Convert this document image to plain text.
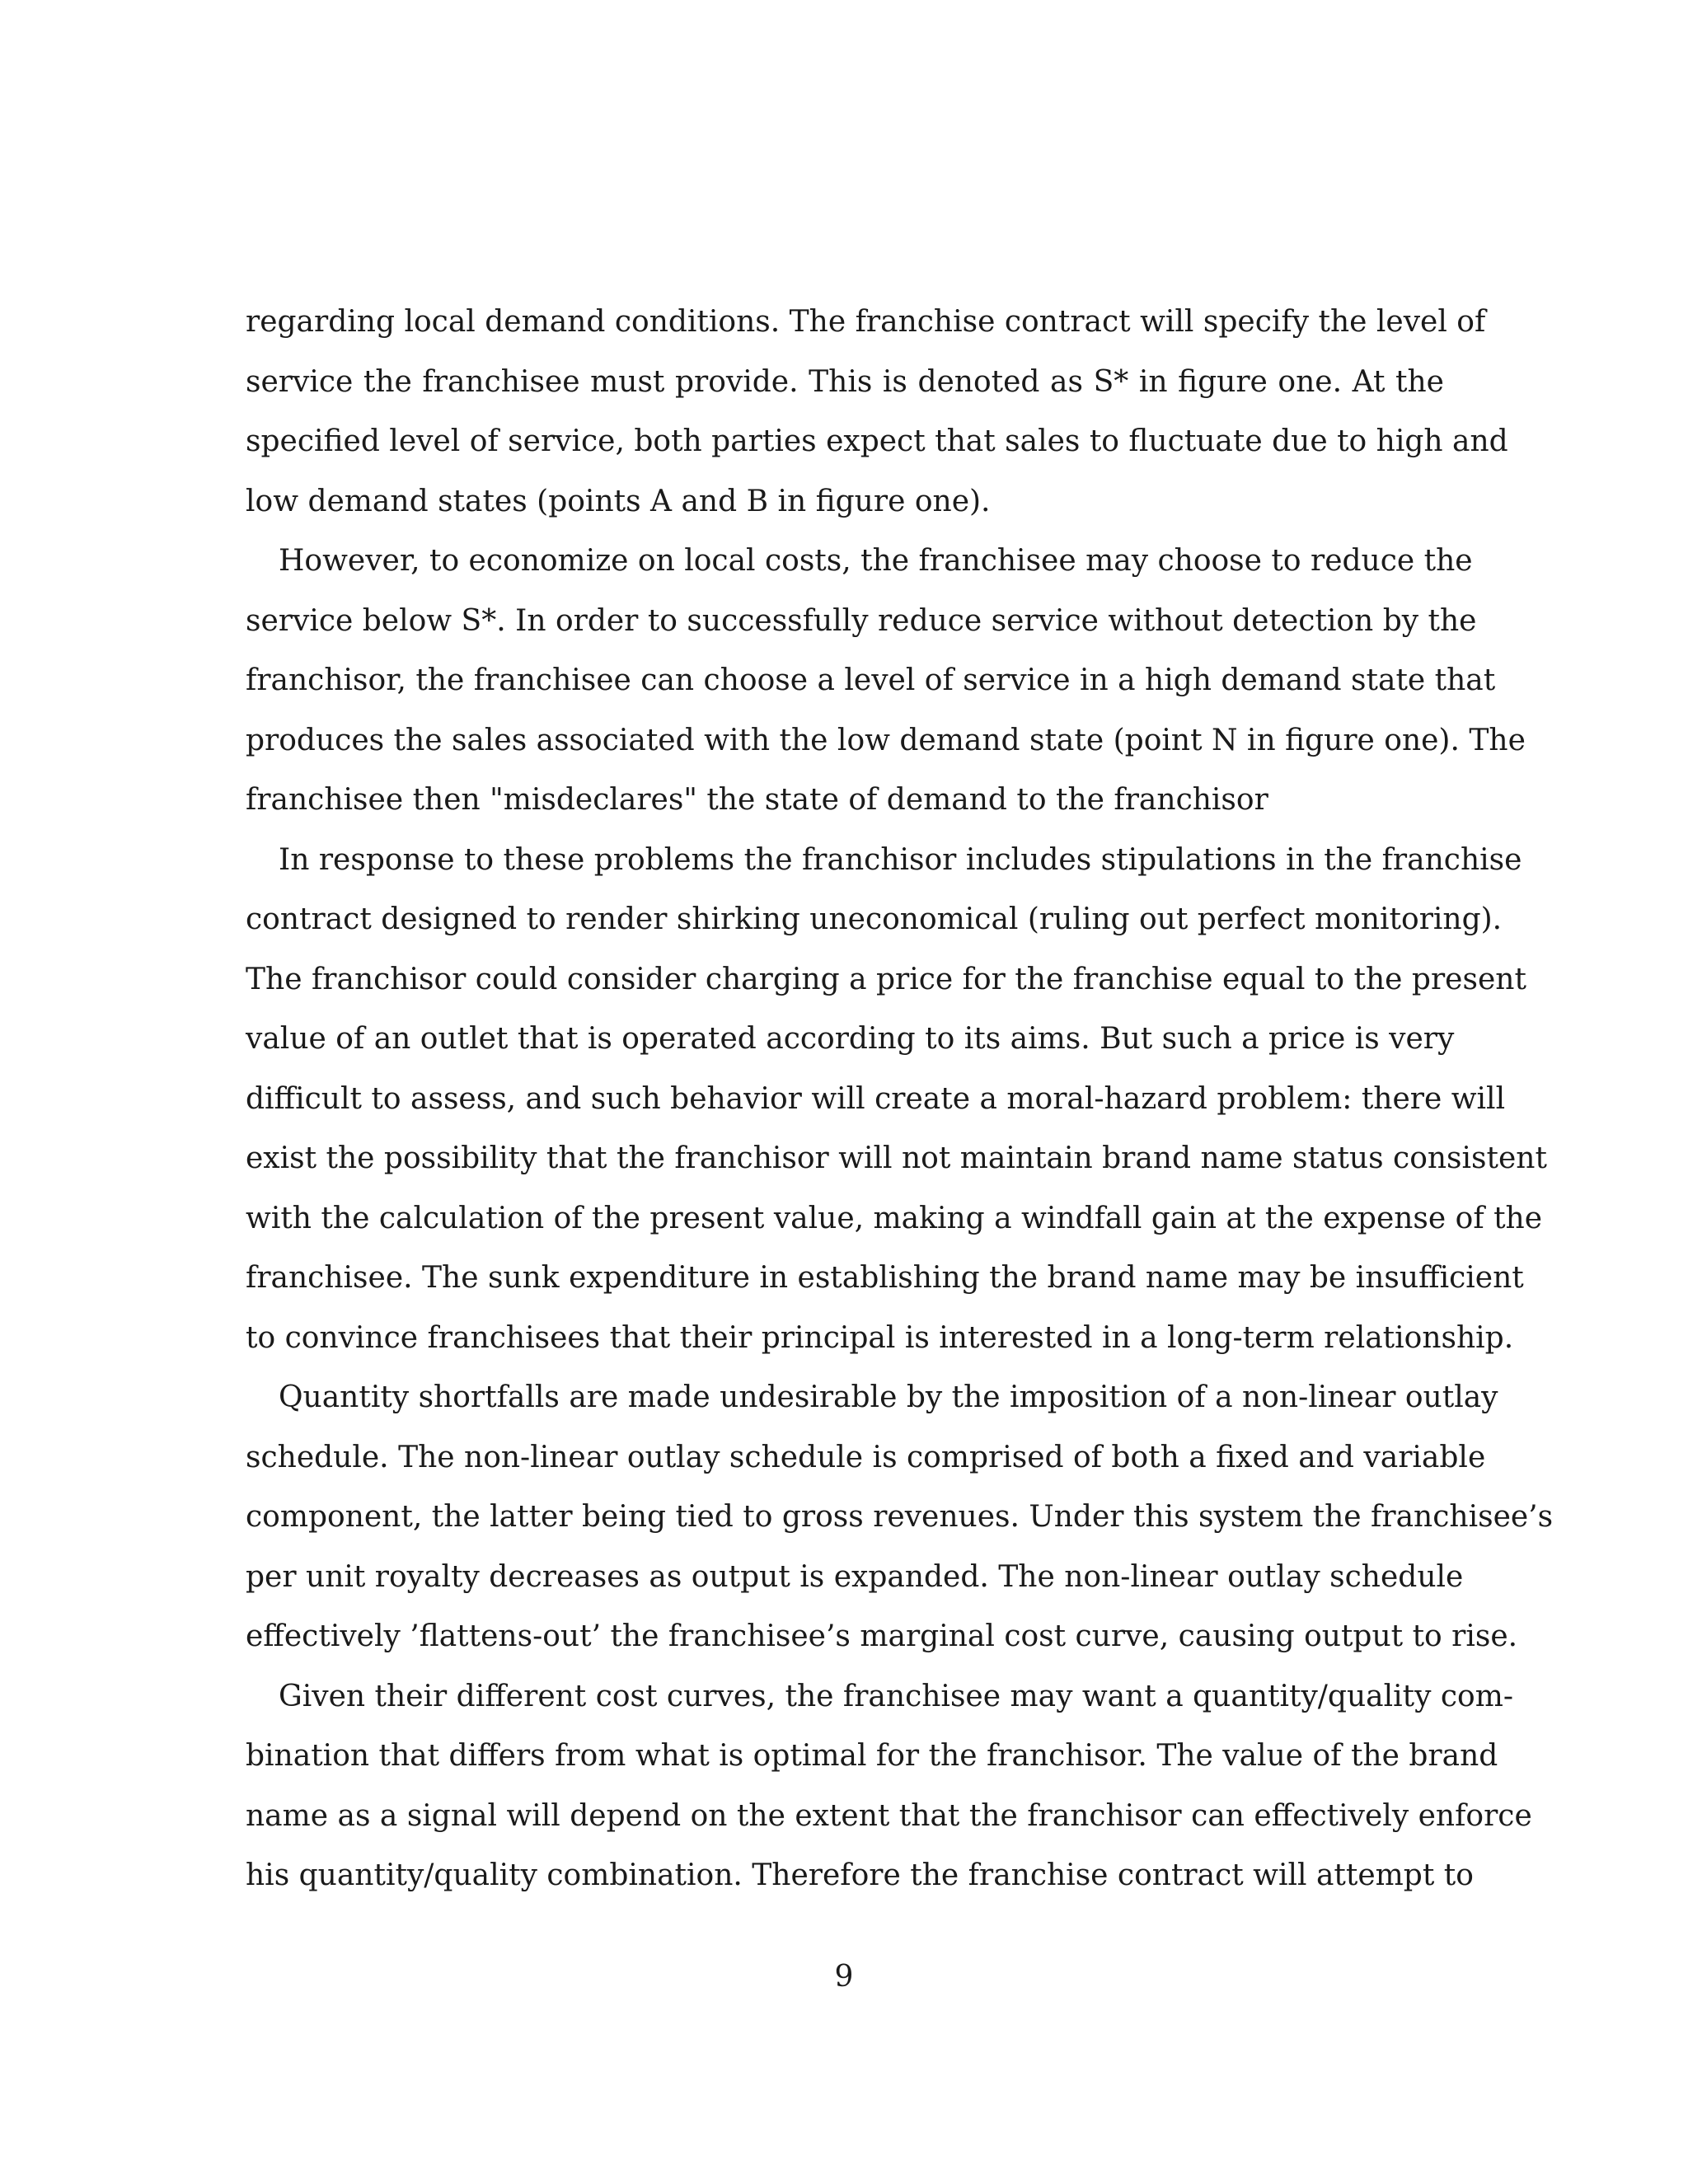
regarding local demand conditions. The franchise contract will specify the level of
service the franchisee must provide. This is denoted as S* in figure one. At the
specified level of service, both parties expect that sales to fluctuate due to high and
low demand states (points A and B in figure one).
However, to economize on local costs, the franchisee may choose to reduce the
service below S*. In order to successfully reduce service without detection by the
franchisor, the franchisee can choose a level of service in a high demand state that
produces the sales associated with the low demand state (point N in figure one). The
franchisee then "misdeclares" the state of demand to the franchisor
In response to these problems the franchisor includes stipulations in the franchise
contract designed to render shirking uneconomical (ruling out perfect monitoring).
The franchisor could consider charging a price for the franchise equal to the present
value of an outlet that is operated according to its aims. But such a price is very
difficult to assess, and such behavior will create a moral-hazard problem: there will
exist the possibility that the franchisor will not maintain brand name status consistent
with the calculation of the present value, making a windfall gain at the expense of the
franchisee. The sunk expenditure in establishing the brand name may be insufficient
to convince franchisees that their principal is interested in a long-term relationship.
Quantity shortfalls are made undesirable by the imposition of a non-linear outlay
schedule. The non-linear outlay schedule is comprised of both a fixed and variable
component, the latter being tied to gross revenues. Under this system the franchisee’s
per unit royalty decreases as output is expanded. The non-linear outlay schedule
effectively ’flattens-out’ the franchisee’s marginal cost curve, causing output to rise.
Given their different cost curves, the franchisee may want a quantity/quality com-
bination that differs from what is optimal for the franchisor. The value of the brand
name as a signal will depend on the extent that the franchisor can effectively enforce
his quantity/quality combination. Therefore the franchise contract will attempt to
9
